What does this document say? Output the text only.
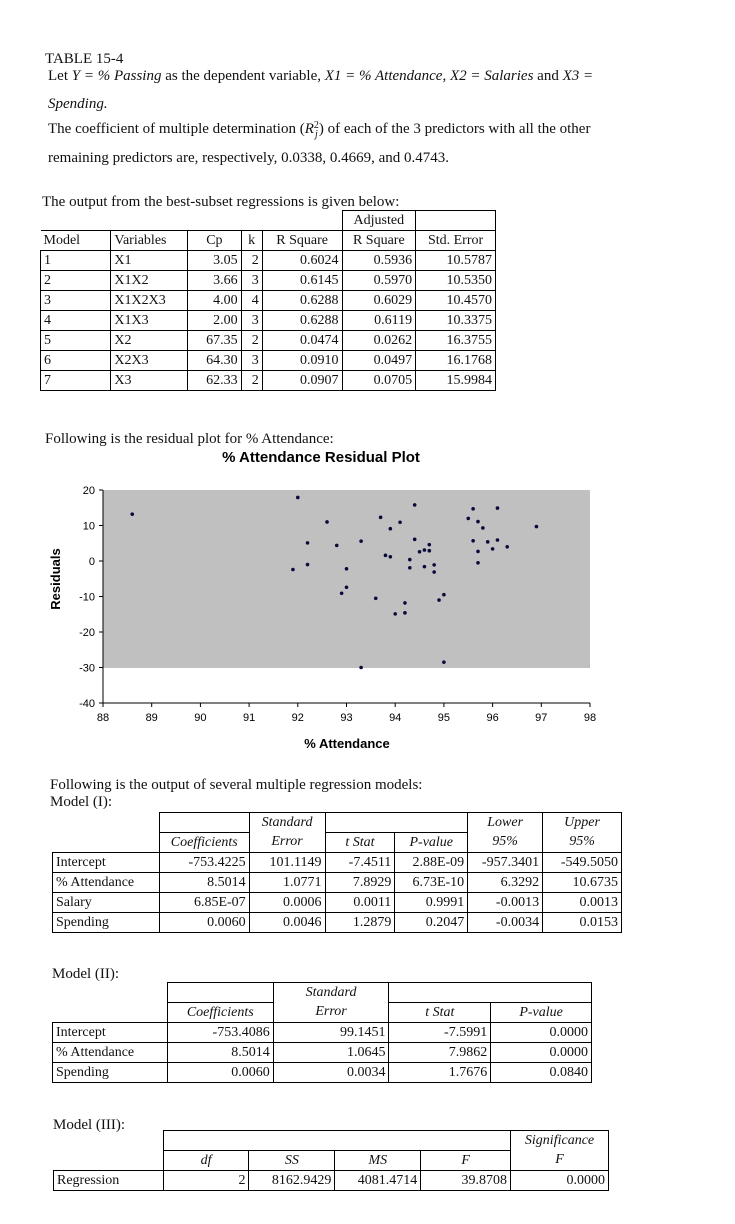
TABLE 15-4
Let Y = % Passing as the dependent variable, X1 = % Attendance, X2 = Salaries and X3 =
Spending.
The coefficient of multiple determination (R 2
j ) of each of the 3 predictors with all the other
remaining predictors are, respectively, 0.0338, 0.4669, and 0.4743.
The output from the best-subset regressions is given below:
					Adjusted	
Model	Variables	Cp	k	R Square	R Square	Std. Error
1	X1	3.05	2	0.6024	0.5936	10.5787
2	X1X2	3.66	3	0.6145	0.5970	10.5350
3	X1X2X3	4.00	4	0.6288	0.6029	10.4570
4	X1X3	2.00	3	0.6288	0.6119	10.3375
5	X2	67.35	2	0.0474	0.0262	16.3755
6	X2X3	64.30	3	0.0910	0.0497	16.1768
7	X3	62.33	2	0.0907	0.0705	15.9984
Following is the residual plot for % Attendance:
% Attendance Residual Plot
20
10
0
-10
-20
-30
-40
88	89	90	91	92	93	94	95	96	97	98
Residuals
% Attendance
Following is the output of several multiple regression models:
Model (I):
		Standard			Lower	Upper
	Coefficients	Error	t Stat	P-value	95%	95%
Intercept	-753.4225	101.1149	-7.4511	2.88E-09	-957.3401	-549.5050
% Attendance	8.5014	1.0771	7.8929	6.73E-10	6.3292	10.6735
Salary	6.85E-07	0.0006	0.0011	0.9991	-0.0013	0.0013
Spending	0.0060	0.0046	1.2879	0.2047	-0.0034	0.0153
Model (II):
		Standard		
	Coefficients	Error	t Stat	P-value
Intercept	-753.4086	99.1451	-7.5991	0.0000
% Attendance	8.5014	1.0645	7.9862	0.0000
Spending	0.0060	0.0034	1.7676	0.0840
Model (III):
					Significance
	df	SS	MS	F	F
Regression	2	8162.9429	4081.4714	39.8708	0.0000
